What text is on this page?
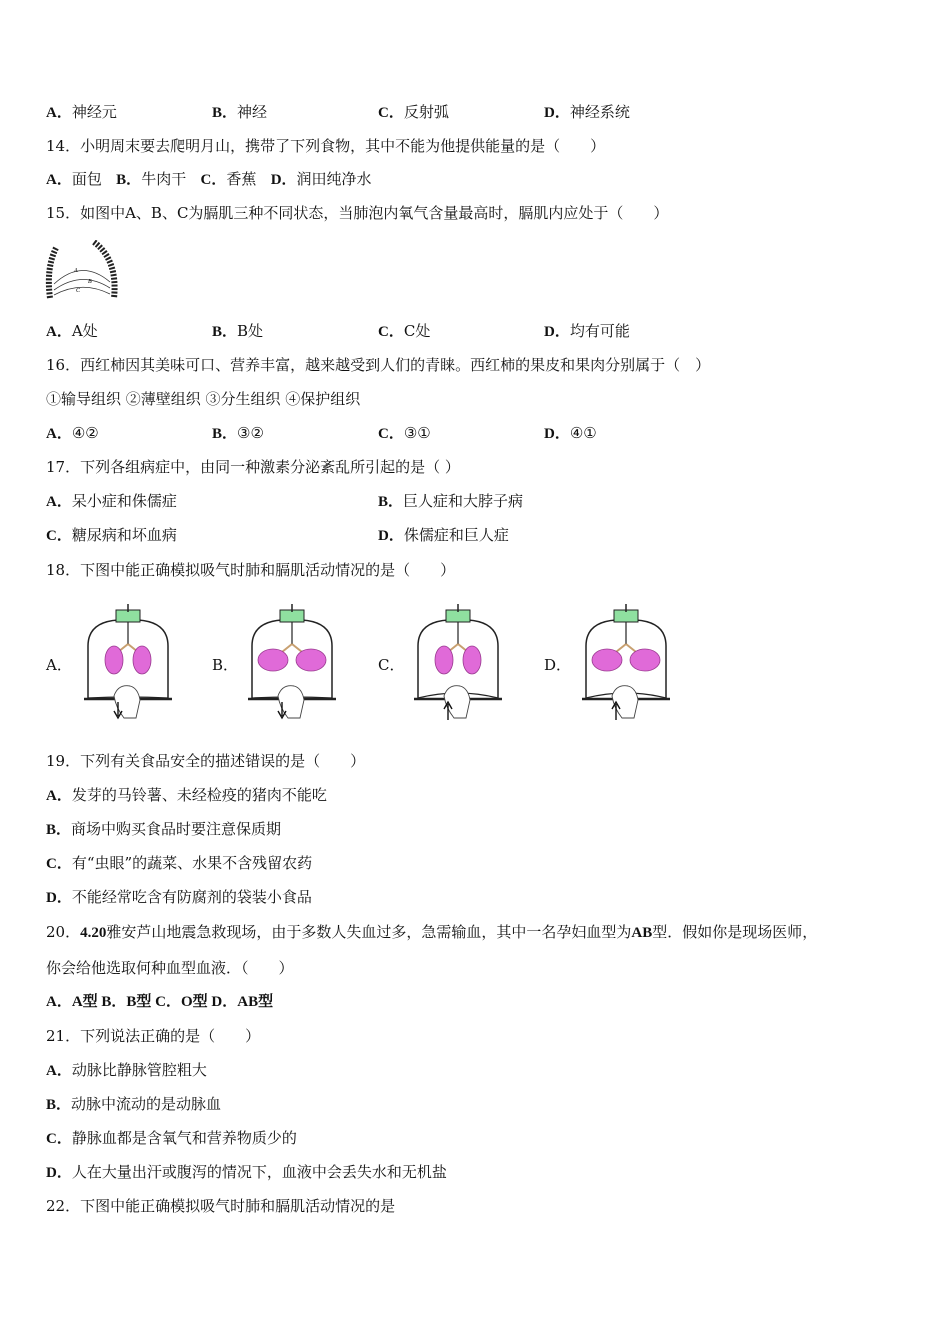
A．神经元	B．神经	C．反射弧	D．神经系统
14．小明周末要去爬明月山，携带了下列食物，其中不能为他提供能量的是（　　）
A．面包 B．牛肉干 C．香蕉 D．润田纯净水
15．如图中A、B、C为膈肌三种不同状态，当肺泡内氧气含量最高时，膈肌内应处于（　　）
A
B
C
A．A处	B．B处	C．C处	D．均有可能
16．西红柿因其美味可口、营养丰富，越来越受到人们的青睐。西红柿的果皮和果肉分别属于（　）
①输导组织 ②薄壁组织 ③分生组织 ④保护组织
A．④②	B．③②	C．③①	D．④①
17．下列各组病症中，由同一种激素分泌紊乱所引起的是（ ）
A．呆小症和侏儒症	B．巨人症和大脖子病
C．糖尿病和坏血病	D．侏儒症和巨人症
18．下图中能正确模拟吸气时肺和膈肌活动情况的是（　　）
A．	B．	C．	D．
19．下列有关食品安全的描述错误的是（　　）
A．发芽的马铃薯、未经检疫的猪肉不能吃
B．商场中购买食品时要注意保质期
C．有“虫眼”的蔬菜、水果不含残留农药
D．不能经常吃含有防腐剂的袋装小食品
20．4.20雅安芦山地震急救现场，由于多数人失血过多，急需输血，其中一名孕妇血型为AB型．假如你是现场医师，
你会给他选取何种血型血液．（　　）
A．A型 B．B型 C．O型 D．AB型
21．下列说法正确的是（　　）
A．动脉比静脉管腔粗大
B．动脉中流动的是动脉血
C．静脉血都是含氧气和营养物质少的
D．人在大量出汗或腹泻的情况下，血液中会丢失水和无机盐
22．下图中能正确模拟吸气时肺和膈肌活动情况的是
